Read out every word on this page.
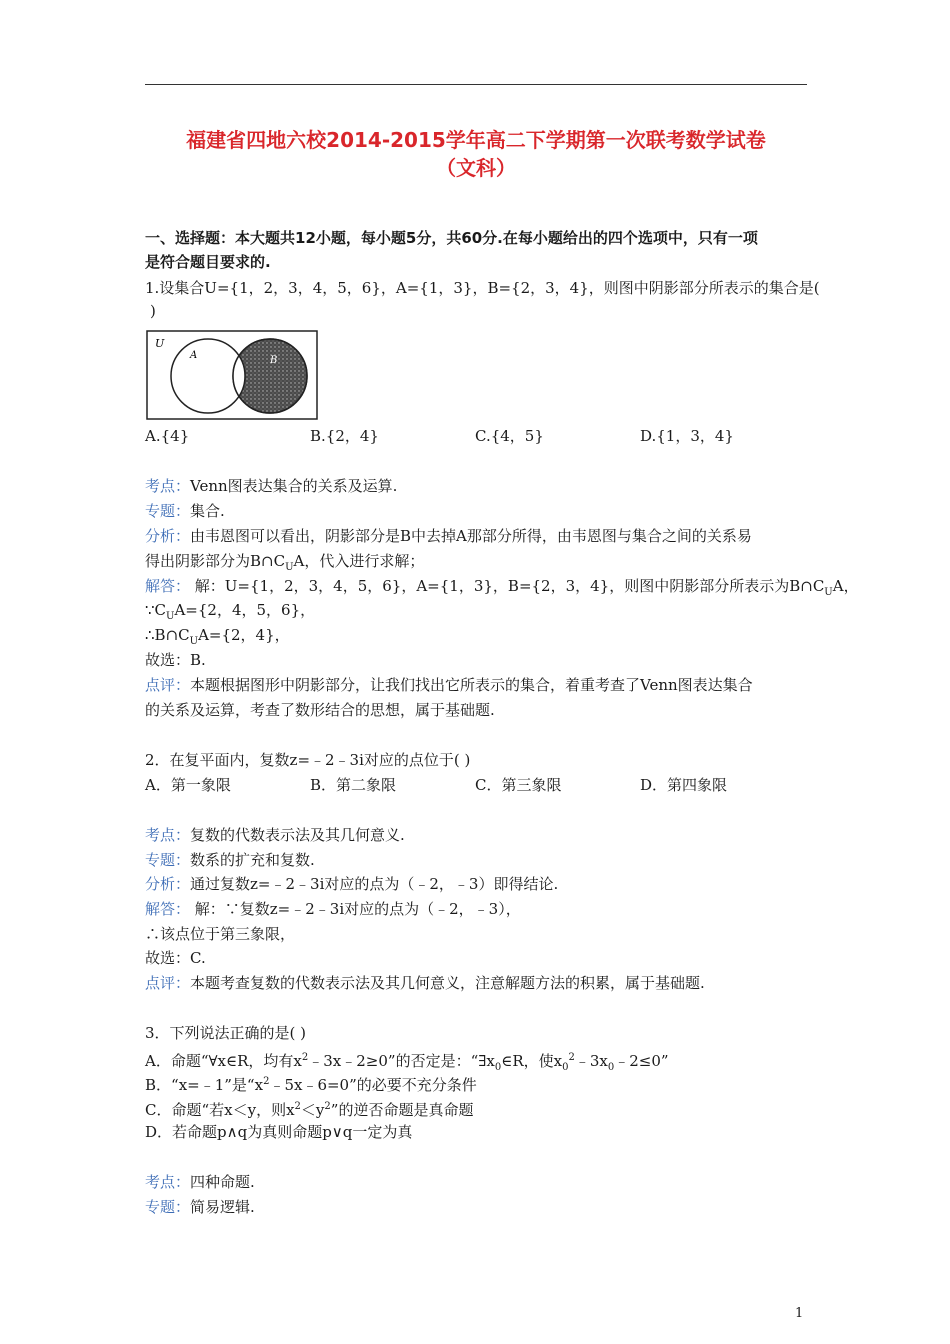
福建省四地六校2014-2015学年高二下学期第一次联考数学试卷
（文科）
一、选择题：本大题共12小题，每小题5分，共60分.在每小题给出的四个选项中，只有一项
是符合题目要求的.
1.设集合U={1，2，3，4，5，6}，A={1，3}，B={2，3，4}，则图中阴影部分所表示的集合是(
)
U
A	B
A.{4}	B.{2，4}	C.{4，5}	D.{1，3，4}
考点：Venn图表达集合的关系及运算.
专题：集合.
分析：由韦恩图可以看出，阴影部分是B中去掉A那部分所得，由韦恩图与集合之间的关系易
得出阴影部分为$B\cap C_UA$，代入进行求解；
解答： 解：U={1，2，3，4，5，6}，A={1，3}，B={2，3，4}，则图中阴影部分所表示为$B\cap C_UA$，
$\because C_UA=\{2$，4，5，6}，
$\therefore B\cap C_UA=\{2$，4}，
故选：B.
点评：本题根据图形中阴影部分，让我们找出它所表示的集合，着重考查了Venn图表达集合
的关系及运算，考查了数形结合的思想，属于基础题.
2．在复平面内，复数z=﹣2﹣3i对应的点位于( )
A．第一象限	B．第二象限	C．第三象限	D．第四象限
考点：复数的代数表示法及其几何意义.
专题：数系的扩充和复数.
分析：通过复数z=﹣2﹣3i对应的点为（﹣2，﹣3）即得结论.
解答： 解：∵复数z=﹣2﹣3i对应的点为（﹣2，﹣3），
∴该点位于第三象限，
故选：C.
点评：本题考查复数的代数表示法及其几何意义，注意解题方法的积累，属于基础题.
3．下列说法正确的是( )
A．命题“∀x∈R，均有$x^2﹣3x﹣2\ge 0$”的否定是：“$\exists x_0\in R$，使$x_0^2﹣3x_0﹣2\le 0$”
B．“x=﹣1”是“$x^2﹣5x﹣6=0$”的必要不充分条件
C．命题“若x＜y，则$x^2<y^2$”的逆否命题是真命题
D．若命题p∧q为真则命题p∨q一定为真
考点：四种命题.
专题：简易逻辑.
1
